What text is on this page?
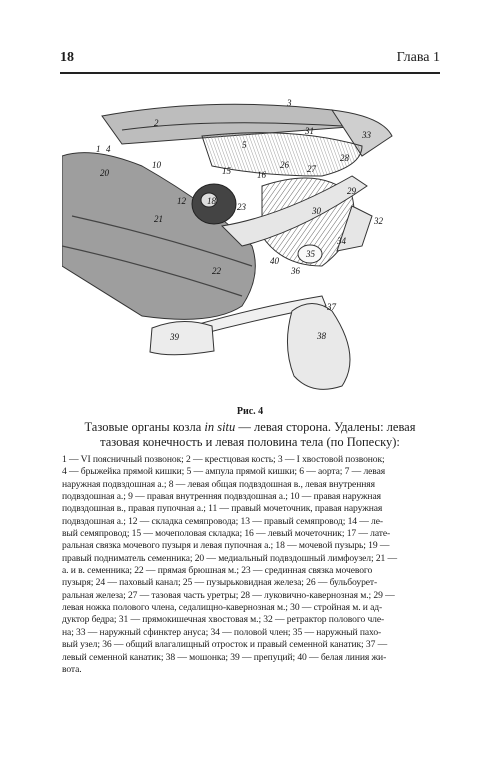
18	Глава 1
3
2
1 4	5
10
20	15	16
26 27
28
31	33
29
18
12
23
21
30
32
34
22
40
35
36
37
38
39
Рис. 4
Тазовые органы козла in situ — левая сторона. Удалены: левая тазовая конечность и левая половина тела (по Попеску):
1 — VI поясничный позвонок; 2 — крестцовая кость; 3 — I хвостовой позвонок;
4 — брыжейка прямой кишки; 5 — ампула прямой кишки; 6 — аорта; 7 — левая
наружная подвздошная а.; 8 — левая общая подвздошная в., левая внутренняя
подвздошная а.; 9 — правая внутренняя подвздошная а.; 10 — правая наружная
подвздошная в., правая пупочная а.; 11 — правый мочеточник, правая наружная
подвздошная а.; 12 — складка семяпровода; 13 — правый семяпровод; 14 — ле-
вый семяпровод; 15 — мочеполовая складка; 16 — левый мочеточник; 17 — лате-
ральная связка мочевого пузыря и левая пупочная а.; 18 — мочевой пузырь; 19 —
правый подниматель семенника; 20 — медиальный подвздошный лимфоузел; 21 —
а. и в. семенника; 22 — прямая брюшная м.; 23 — срединная связка мочевого
пузыря; 24 — паховый канал; 25 — пузырьковидная железа; 26 — бульбоурет-
ральная железа; 27 — тазовая часть уретры; 28 — луковично-кавернозная м.; 29 —
левая ножка полового члена, седалищно-кавернозная м.; 30 — стройная м. и ад-
дуктор бедра; 31 — прямокишечная хвостовая м.; 32 — ретрактор полового чле-
на; 33 — наружный сфинктер ануса; 34 — половой член; 35 — наружный пахо-
вый узел; 36 — общий влагалищный отросток и правый семенной канатик; 37 —
левый семенной канатик; 38 — мошонка; 39 — препуций; 40 — белая линия жи-
вота.
